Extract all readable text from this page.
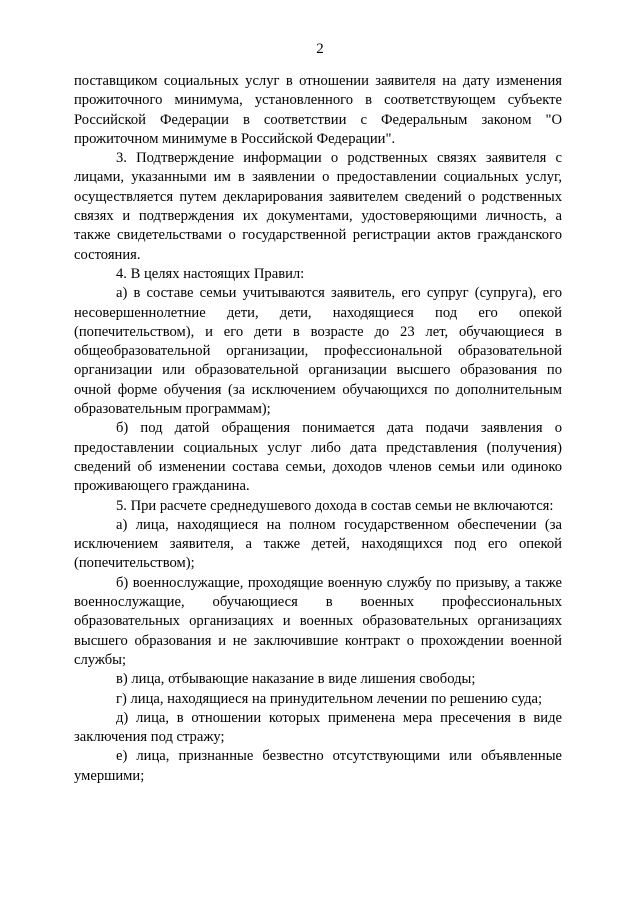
2

поставщиком социальных услуг в отношении заявителя на дату изменения прожиточного минимума, установленного в соответствующем субъекте Российской Федерации в соответствии с Федеральным законом "О прожиточном минимуме в Российской Федерации".

3. Подтверждение информации о родственных связях заявителя с лицами, указанными им в заявлении о предоставлении социальных услуг, осуществляется путем декларирования заявителем сведений о родственных связях и подтверждения их документами, удостоверяющими личность, а также свидетельствами о государственной регистрации актов гражданского состояния.

4. В целях настоящих Правил:

а) в составе семьи учитываются заявитель, его супруг (супруга), его несовершеннолетние дети, дети, находящиеся под его опекой (попечительством), и его дети в возрасте до 23 лет, обучающиеся в общеобразовательной организации, профессиональной образовательной организации или образовательной организации высшего образования по очной форме обучения (за исключением обучающихся по дополнительным образовательным программам);

б) под датой обращения понимается дата подачи заявления о предоставлении социальных услуг либо дата представления (получения) сведений об изменении состава семьи, доходов членов семьи или одиноко проживающего гражданина.

5. При расчете среднедушевого дохода в состав семьи не включаются:

а) лица, находящиеся на полном государственном обеспечении (за исключением заявителя, а также детей, находящихся под его опекой (попечительством);

б) военнослужащие, проходящие военную службу по призыву, а также военнослужащие, обучающиеся в военных профессиональных образовательных организациях и военных образовательных организациях высшего образования и не заключившие контракт о прохождении военной службы;

в) лица, отбывающие наказание в виде лишения свободы;

г) лица, находящиеся на принудительном лечении по решению суда;

д) лица, в отношении которых применена мера пресечения в виде заключения под стражу;

е) лица, признанные безвестно отсутствующими или объявленные умершими;
